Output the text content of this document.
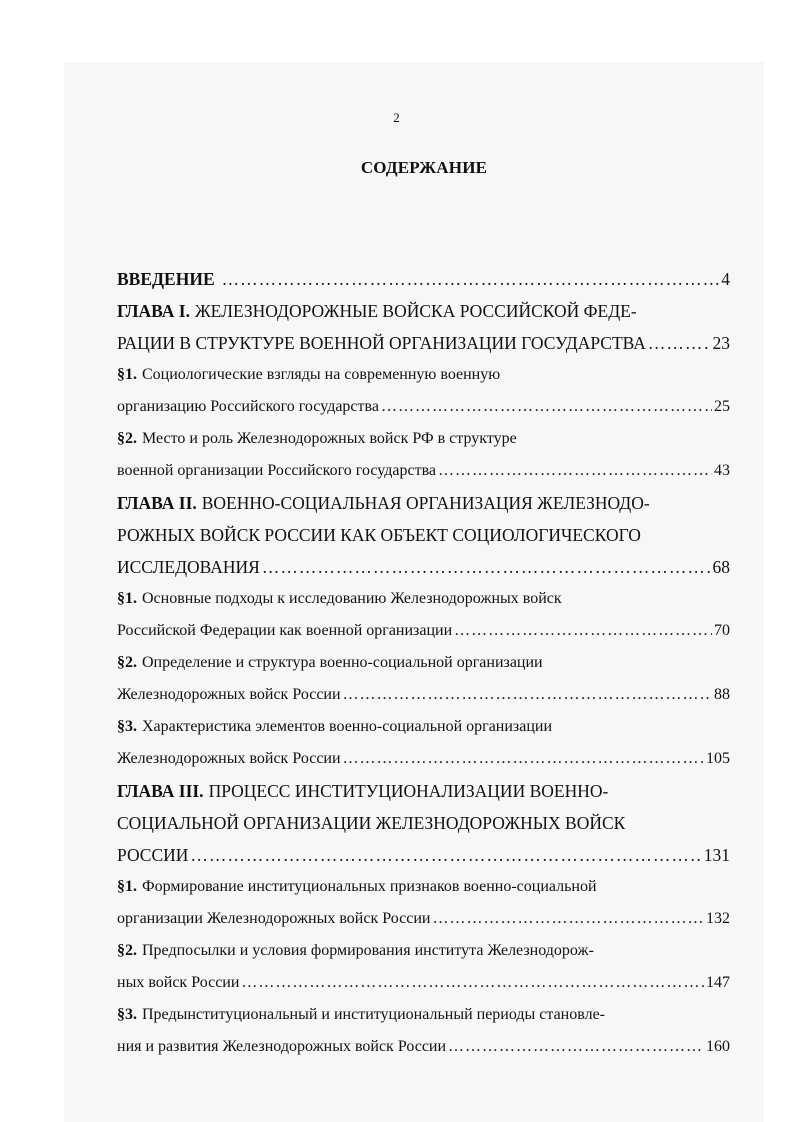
2
СОДЕРЖАНИЕ
ВВЕДЕНИЕ ……………………………………………………………………………………………………………………………………………………………………	4
ГЛАВА I. ЖЕЛЕЗНОДОРОЖНЫЕ ВОЙСКА РОССИЙСКОЙ ФЕДЕ-
РАЦИИ В СТРУКТУРЕ ВОЕННОЙ ОРГАНИЗАЦИИ ГОСУДАРСТВА ……………………………………………………………………………………………………………………………………………………………………	23
§1. Социологические взгляды на современную военную
организацию Российского государства ……………………………………………………………………………………………………………………………………………………………………	25
§2. Место и роль Железнодорожных войск РФ в структуре
военной организации Российского государства ……………………………………………………………………………………………………………………………………………………………………	43
ГЛАВА II. ВОЕННО-СОЦИАЛЬНАЯ ОРГАНИЗАЦИЯ ЖЕЛЕЗНОДО-
РОЖНЫХ ВОЙСК РОССИИ КАК ОБЪЕКТ СОЦИОЛОГИЧЕСКОГО
ИССЛЕДОВАНИЯ ……………………………………………………………………………………………………………………………………………………………………	68
§1. Основные подходы к исследованию Железнодорожных войск
Российской Федерации как военной организации ……………………………………………………………………………………………………………………………………………………………………	70
§2. Определение и структура военно-социальной организации
Железнодорожных войск России ……………………………………………………………………………………………………………………………………………………………………	88
§3. Характеристика элементов военно-социальной организации
Железнодорожных войск России ……………………………………………………………………………………………………………………………………………………………………	105
ГЛАВА III. ПРОЦЕСС ИНСТИТУЦИОНАЛИЗАЦИИ ВОЕННО-
СОЦИАЛЬНОЙ ОРГАНИЗАЦИИ ЖЕЛЕЗНОДОРОЖНЫХ ВОЙСК
РОССИИ ……………………………………………………………………………………………………………………………………………………………………	131
§1. Формирование институциональных признаков военно-социальной
организации Железнодорожных войск России ……………………………………………………………………………………………………………………………………………………………………	132
§2. Предпосылки и условия формирования института Железнодорож-
ных войск России ……………………………………………………………………………………………………………………………………………………………………	147
§3. Предынституциональный и институциональный периоды становле-
ния и развития Железнодорожных войск России ……………………………………………………………………………………………………………………………………………………………………	160
